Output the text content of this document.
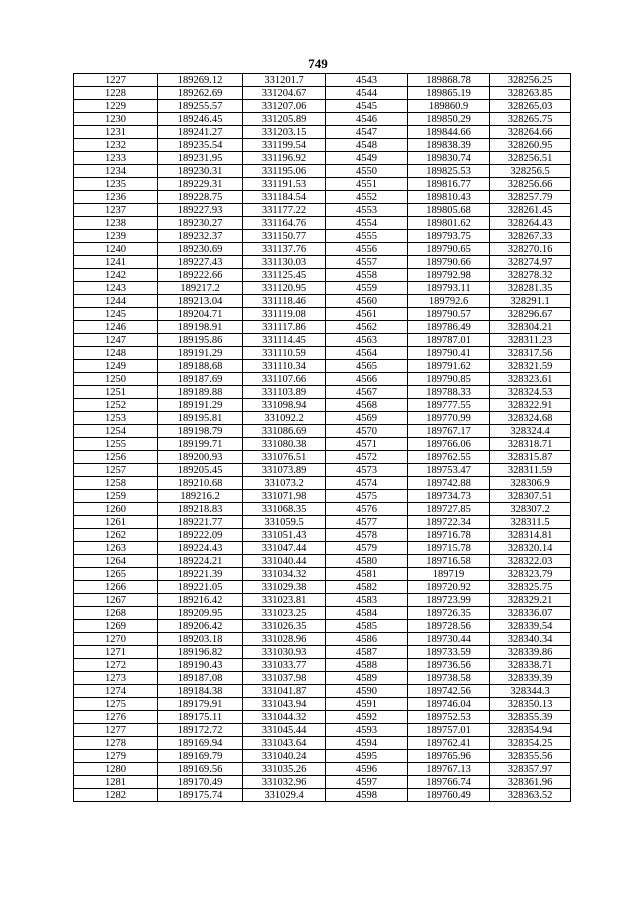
749
1227	189269.12	331201.7	4543	189868.78	328256.25
1228	189262.69	331204.67	4544	189865.19	328263.85
1229	189255.57	331207.06	4545	189860.9	328265.03
1230	189246.45	331205.89	4546	189850.29	328265.75
1231	189241.27	331203.15	4547	189844.66	328264.66
1232	189235.54	331199.54	4548	189838.39	328260.95
1233	189231.95	331196.92	4549	189830.74	328256.51
1234	189230.31	331195.06	4550	189825.53	328256.5
1235	189229.31	331191.53	4551	189816.77	328256.66
1236	189228.75	331184.54	4552	189810.43	328257.79
1237	189227.93	331177.22	4553	189805.68	328261.45
1238	189230.27	331164.76	4554	189801.62	328264.43
1239	189232.37	331150.77	4555	189793.75	328267.33
1240	189230.69	331137.76	4556	189790.65	328270.16
1241	189227.43	331130.03	4557	189790.66	328274.97
1242	189222.66	331125.45	4558	189792.98	328278.32
1243	189217.2	331120.95	4559	189793.11	328281.35
1244	189213.04	331118.46	4560	189792.6	328291.1
1245	189204.71	331119.08	4561	189790.57	328296.67
1246	189198.91	331117.86	4562	189786.49	328304.21
1247	189195.86	331114.45	4563	189787.01	328311.23
1248	189191.29	331110.59	4564	189790.41	328317.56
1249	189188.68	331110.34	4565	189791.62	328321.59
1250	189187.69	331107.66	4566	189790.85	328323.61
1251	189189.88	331103.89	4567	189788.33	328324.53
1252	189191.29	331098.94	4568	189777.55	328322.91
1253	189195.81	331092.2	4569	189770.99	328324.68
1254	189198.79	331086.69	4570	189767.17	328324.4
1255	189199.71	331080.38	4571	189766.06	328318.71
1256	189200.93	331076.51	4572	189762.55	328315.87
1257	189205.45	331073.89	4573	189753.47	328311.59
1258	189210.68	331073.2	4574	189742.88	328306.9
1259	189216.2	331071.98	4575	189734.73	328307.51
1260	189218.83	331068.35	4576	189727.85	328307.2
1261	189221.77	331059.5	4577	189722.34	328311.5
1262	189222.09	331051.43	4578	189716.78	328314.81
1263	189224.43	331047.44	4579	189715.78	328320.14
1264	189224.21	331040.44	4580	189716.58	328322.03
1265	189221.39	331034.32	4581	189719	328323.79
1266	189221.05	331029.38	4582	189720.92	328325.75
1267	189216.42	331023.81	4583	189723.99	328329.21
1268	189209.95	331023.25	4584	189726.35	328336.07
1269	189206.42	331026.35	4585	189728.56	328339.54
1270	189203.18	331028.96	4586	189730.44	328340.34
1271	189196.82	331030.93	4587	189733.59	328339.86
1272	189190.43	331033.77	4588	189736.56	328338.71
1273	189187.08	331037.98	4589	189738.58	328339.39
1274	189184.38	331041.87	4590	189742.56	328344.3
1275	189179.91	331043.94	4591	189746.04	328350.13
1276	189175.11	331044.32	4592	189752.53	328355.39
1277	189172.72	331045.44	4593	189757.01	328354.94
1278	189169.94	331043.64	4594	189762.41	328354.25
1279	189169.79	331040.24	4595	189765.96	328355.56
1280	189169.56	331035.26	4596	189767.13	328357.97
1281	189170.49	331032.96	4597	189766.74	328361.96
1282	189175.74	331029.4	4598	189760.49	328363.52
